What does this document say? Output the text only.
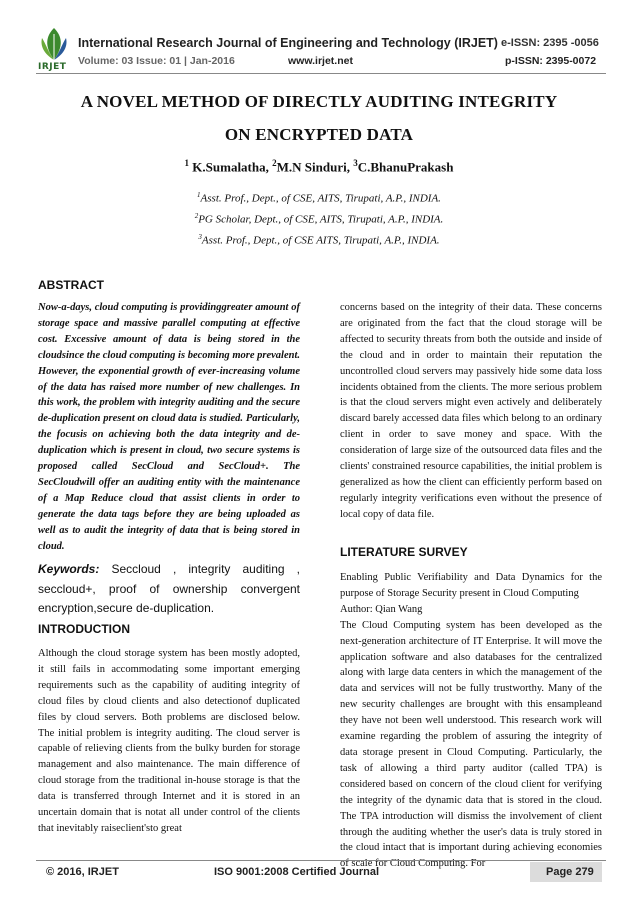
IRJET
International Research Journal of Engineering and Technology (IRJET) e-ISSN: 2395 -0056
Volume: 03 Issue: 01 | Jan-2016	www.irjet.net	p-ISSN: 2395-0072
A NOVEL METHOD OF DIRECTLY AUDITING INTEGRITY
ON ENCRYPTED DATA
$^1$ K.Sumalatha, $^2$M.N Sinduri, $^3$C.BhanuPrakash
$^1$Asst. Prof., Dept., of CSE, AITS, Tirupati, A.P., INDIA.
$^2$PG Scholar, Dept., of CSE, AITS, Tirupati, A.P., INDIA.
$^3$Asst. Prof., Dept., of CSE AITS, Tirupati, A.P., INDIA.
ABSTRACT
Now-a-days, cloud computing is providinggreater amount of storage space and massive parallel computing at effective cost. Excessive amount of data is being stored in the cloudsince the cloud computing is becoming more prevalent. However, the exponential growth of ever-increasing volume of the data has raised more number of new challenges. In this work, the problem with integrity auditing and the secure de-duplication present on cloud data is studied. Particularly, the focusis on achieving both the data integrity and de-duplication which is present in cloud, two secure systems is proposed called SecCloud and SecCloud+. The SecCloudwill offer an auditing entity with the maintenance of a Map Reduce cloud that assist clients in order to generate the data tags before they are being uploaded as well as to audit the integrity of data that is being stored in cloud.
Keywords: Seccloud , integrity auditing , seccloud+, proof of ownership convergent encryption,secure de-duplication.
INTRODUCTION
Although the cloud storage system has been mostly adopted, it still fails in accommodating some important emerging requirements such as the capability of auditing integrity of cloud files by cloud clients and also detectionof duplicated files by cloud servers. Both problems are disclosed below. The initial problem is integrity auditing. The cloud server is capable of relieving clients from the bulky burden for storage management and also maintenance. The main difference of cloud storage from the traditional in-house storage is that the data is transferred through Internet and it is stored in an uncertain domain that is notat all under control of the clients that inevitably raiseclient'sto great
concerns based on the integrity of their data. These concerns are originated from the fact that the cloud storage will be affected to security threats from both the outside and inside of the cloud and in order to maintain their reputation the uncontrolled cloud servers may passively hide some data loss incidents obtained from the clients. The more serious problem is that the cloud servers might even actively and deliberately discard barely accessed data files which belong to an ordinary client in order to save money and space. With the consideration of large size of the outsourced data files and the clients' constrained resource capabilities, the initial problem is generalized as how the client can efficiently perform based on regularly integrity verifications even without the presence of local copy of data file.
LITERATURE SURVEY
Enabling Public Verifiability and Data Dynamics for the purpose of Storage Security present in Cloud Computing
Author: Qian Wang
The Cloud Computing system has been developed as the next-generation architecture of IT Enterprise. It will move the application software and also databases for the centralized along with large data centers in which the management of the data and services will not be fully trustworthy. Many of the new security challenges are brought with this ensampleand they have not been well understood. This research work will examine regarding the problem of assuring the integrity of data storage present in Cloud Computing. Particularly, the task of allowing a third party auditor (called TPA) is considered based on concern of the cloud client for verifying the integrity of the dynamic data that is stored in the cloud. The TPA introduction will dismiss the involvement of client through the auditing whether the user's data is truly stored in the cloud intact that is important during achieving economies of scale for Cloud Computing. For
© 2016, IRJET	ISO 9001:2008 Certified Journal	Page 279
